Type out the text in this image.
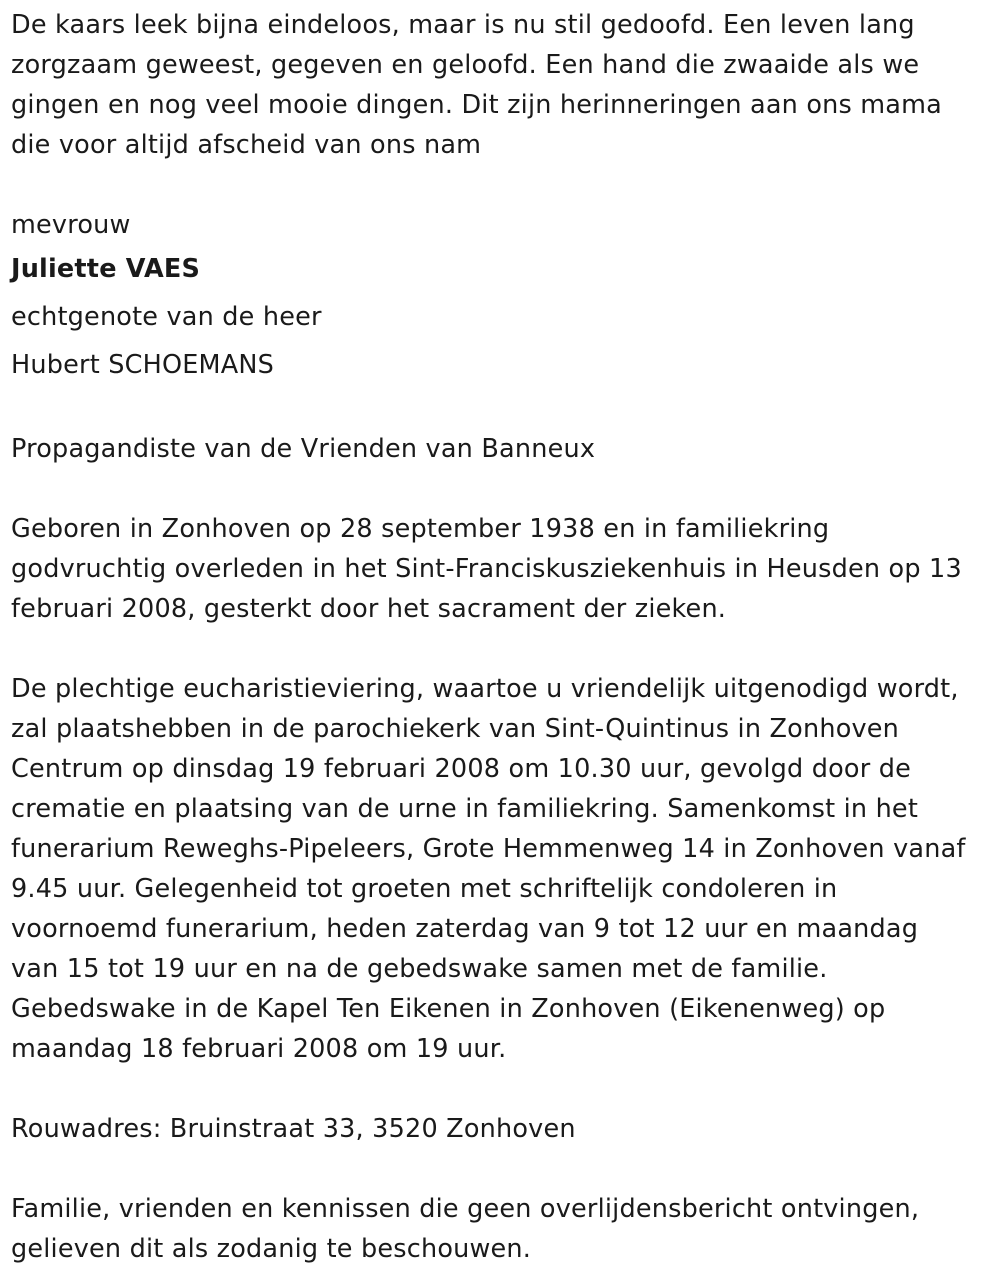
De kaars leek bijna eindeloos, maar is nu stil gedoofd. Een leven lang
zorgzaam geweest, gegeven en geloofd. Een hand die zwaaide als we
gingen en nog veel mooie dingen. Dit zijn herinneringen aan ons mama
die voor altijd afscheid van ons nam
mevrouw
Juliette VAES
echtgenote van de heer
Hubert SCHOEMANS
Propagandiste van de Vrienden van Banneux
Geboren in Zonhoven op 28 september 1938 en in familiekring
godvruchtig overleden in het Sint-Franciskusziekenhuis in Heusden op 13
februari 2008, gesterkt door het sacrament der zieken.
De plechtige eucharistieviering, waartoe u vriendelijk uitgenodigd wordt,
zal plaatshebben in de parochiekerk van Sint-Quintinus in Zonhoven
Centrum op dinsdag 19 februari 2008 om 10.30 uur, gevolgd door de
crematie en plaatsing van de urne in familiekring. Samenkomst in het
funerarium Reweghs-Pipeleers, Grote Hemmenweg 14 in Zonhoven vanaf
9.45 uur. Gelegenheid tot groeten met schriftelijk condoleren in
voornoemd funerarium, heden zaterdag van 9 tot 12 uur en maandag
van 15 tot 19 uur en na de gebedswake samen met de familie.
Gebedswake in de Kapel Ten Eikenen in Zonhoven (Eikenenweg) op
maandag 18 februari 2008 om 19 uur.
Rouwadres: Bruinstraat 33, 3520 Zonhoven
Familie, vrienden en kennissen die geen overlijdensbericht ontvingen,
gelieven dit als zodanig te beschouwen.
